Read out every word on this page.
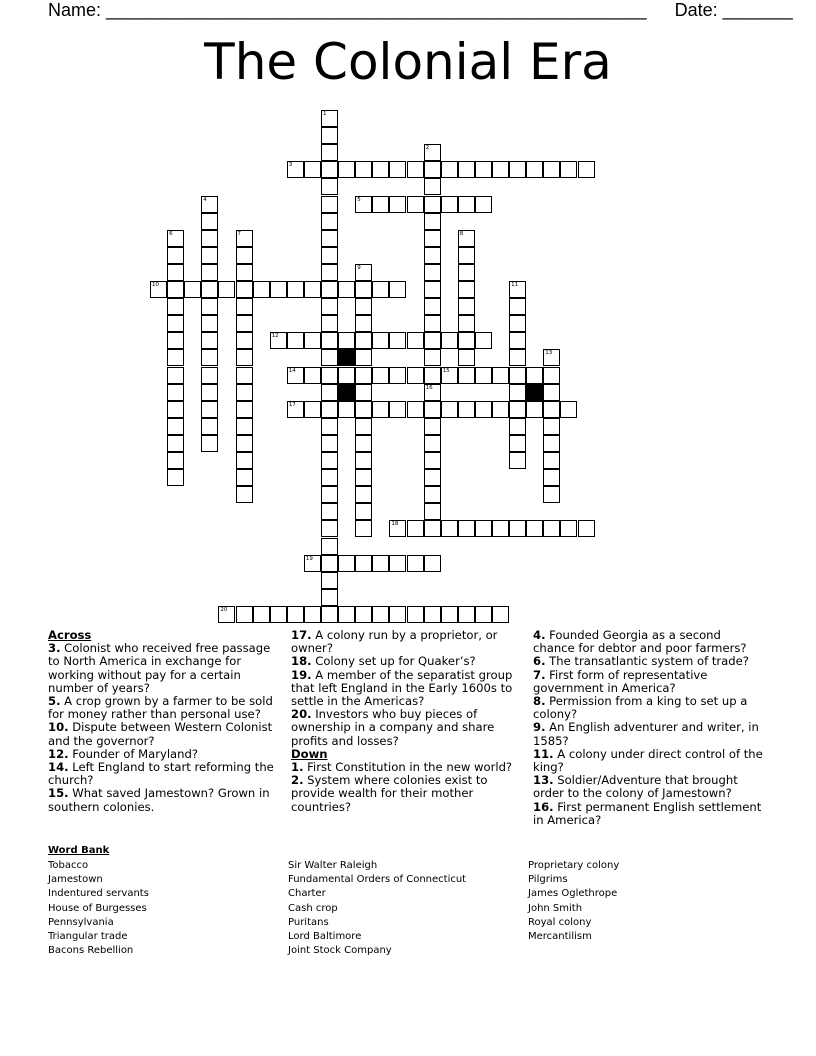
Name: ______________________________________________________ Date: _______
The Colonial Era
1
2
16
3
4	5
6	7	8
9
10	11
12
13
14	15
17
18
19
20
Across
3. Colonist who received free passage to North America in exchange for working without pay for a certain number of years?
5. A crop grown by a farmer to be sold for money rather than personal use?
10. Dispute between Western Colonist and the governor?
12. Founder of Maryland?
14. Left England to start reforming the church?
15. What saved Jamestown? Grown in southern colonies.
17. A colony run by a proprietor, or owner?
18. Colony set up for Quaker’s?
19. A member of the separatist group that left England in the Early 1600s to settle in the Americas?
20. Investors who buy pieces of ownership in a company and share profits and losses?
Down
1. First Constitution in the new world?
2. System where colonies exist to provide wealth for their mother countries?
4. Founded Georgia as a second chance for debtor and poor farmers?
6. The transatlantic system of trade?
7. First form of representative government in America?
8. Permission from a king to set up a colony?
9. An English adventurer and writer, in 1585?
11. A colony under direct control of the king?
13. Soldier/Adventure that brought order to the colony of Jamestown?
16. First permanent English settlement in America?
Word Bank
Tobacco
Jamestown
Indentured servants
House of Burgesses
Pennsylvania
Triangular trade
Bacons Rebellion
Sir Walter Raleigh
Fundamental Orders of Connecticut
Charter
Cash crop
Puritans
Lord Baltimore
Joint Stock Company
Proprietary colony
Pilgrims
James Oglethrope
John Smith
Royal colony
Mercantilism
